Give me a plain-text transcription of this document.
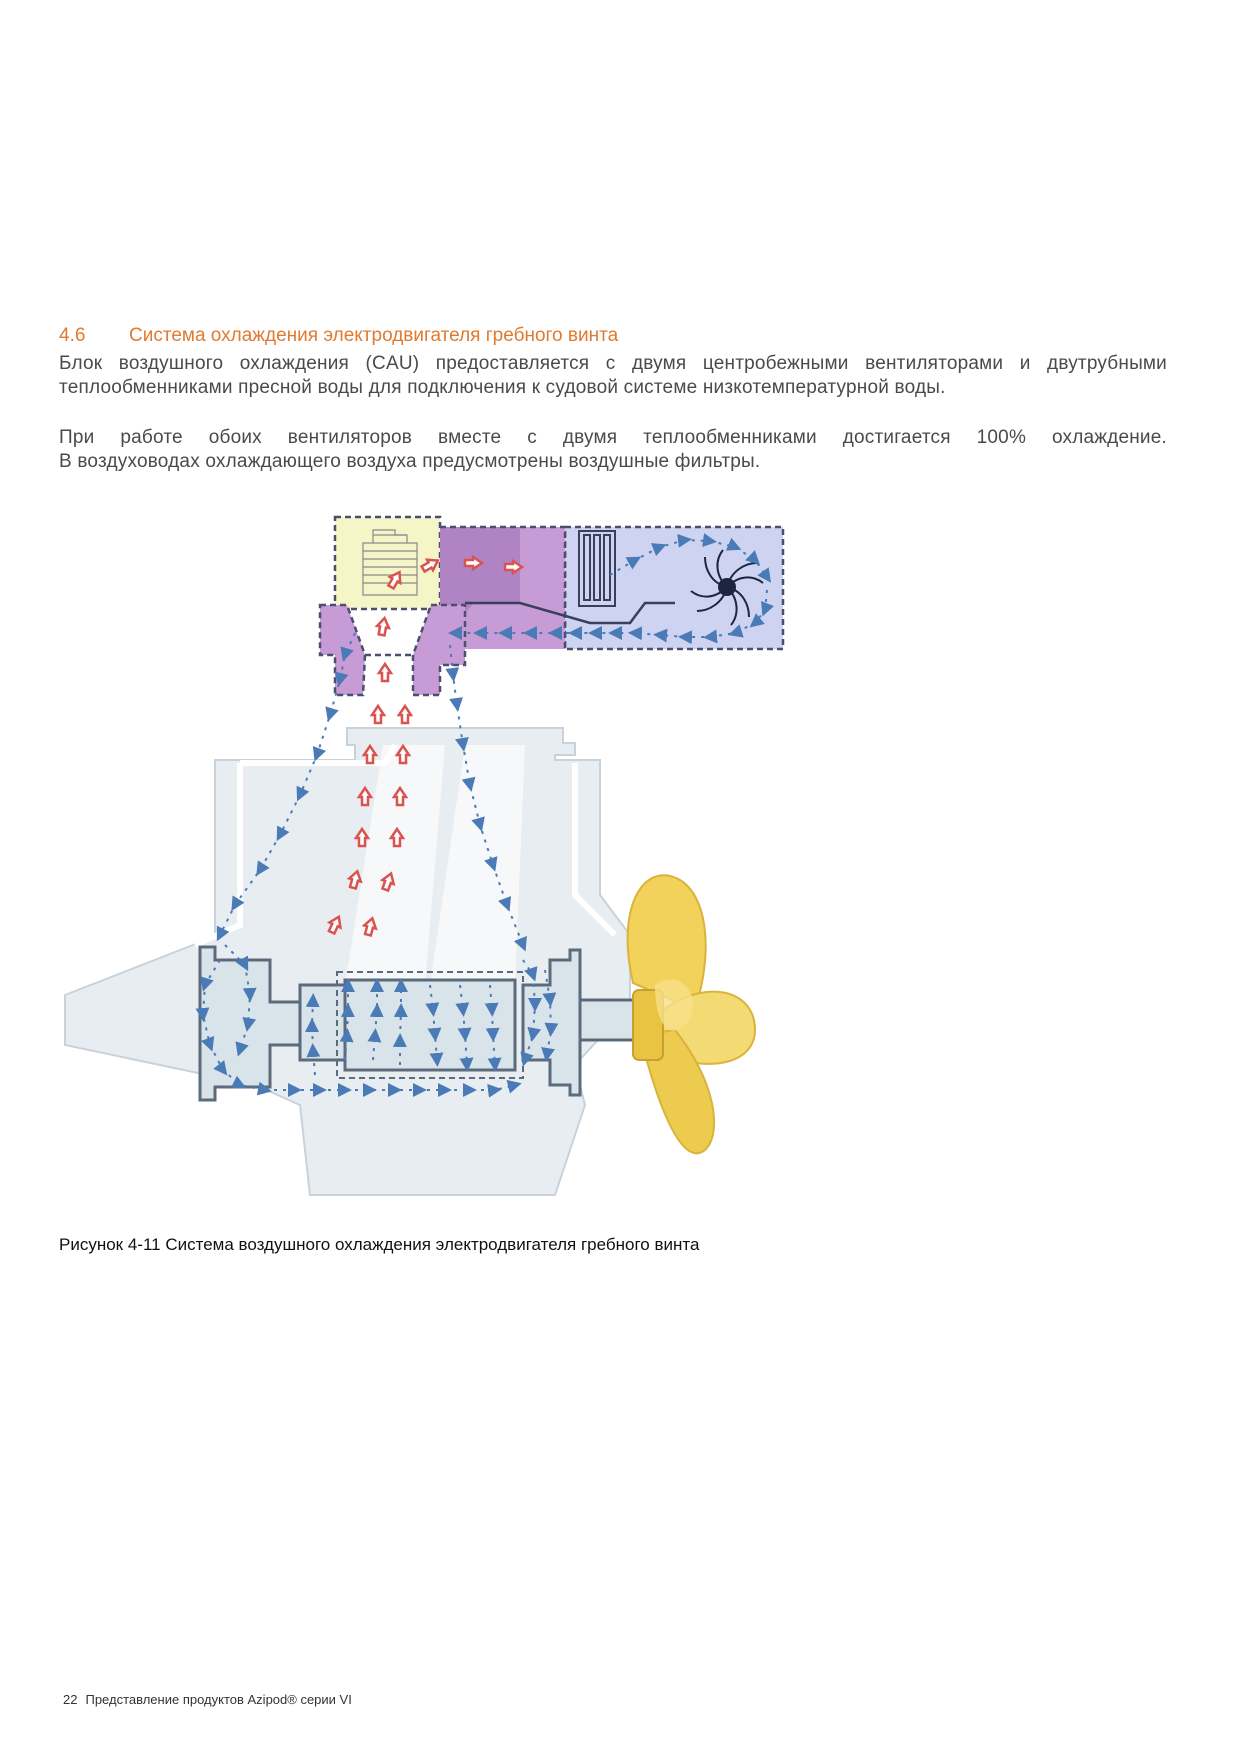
4.6 Система охлаждения электродвигателя гребного винта
Блок воздушного охлаждения (CAU) предоставляется с двумя центробежными вентиляторами и двутрубными
теплообменниками пресной воды для подключения к судовой системе низкотемпературной воды.
При работе обоих вентиляторов вместе с двумя теплообменниками достигается 100% охлаждение.
В воздуховодах охлаждающего воздуха предусмотрены воздушные фильтры.
Рисунок 4-11 Система воздушного охлаждения электродвигателя гребного винта
22 Представление продуктов Azipod® серии VI
